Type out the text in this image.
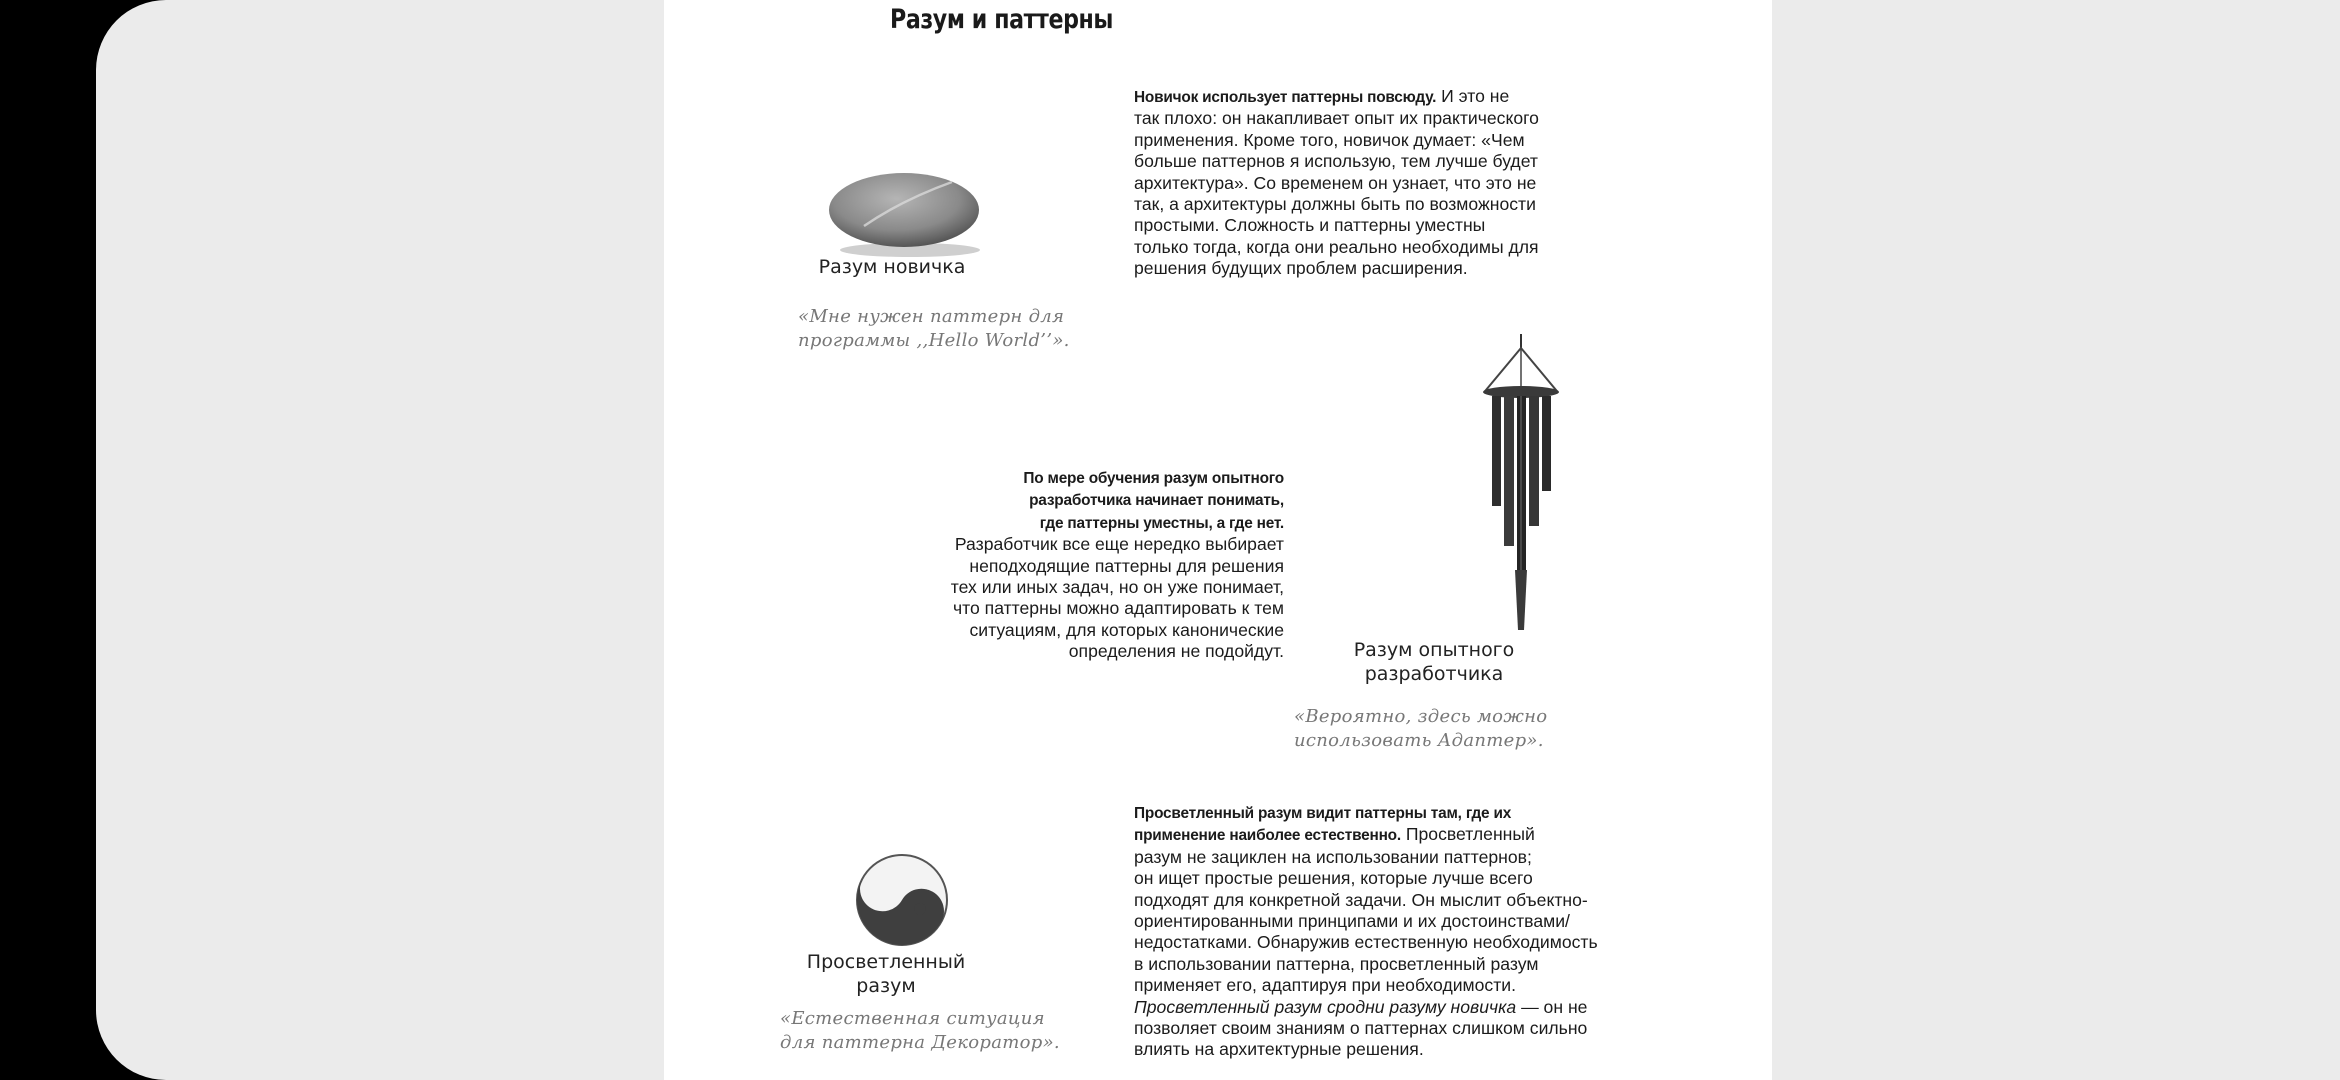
Разум и паттерны
Новичок использует паттерны повсюду. И это не
так плохо: он накапливает опыт их практического
применения. Кроме того, новичок думает: «Чем
больше паттернов я использую, тем лучше будет
архитектура». Со временем он узнает, что это не
так, а архитектуры должны быть по возможности
простыми. Сложность и паттерны уместны
только тогда, когда они реально необходимы для
решения будущих проблем расширения.
Разум новичка
«Мне нужен паттерн для
программы ,,Hello World’’».
По мере обучения разум опытного
разработчика начинает понимать,
где паттерны уместны, а где нет.
Разработчик все еще нередко выбирает
неподходящие паттерны для решения
тех или иных задач, но он уже понимает,
что паттерны можно адаптировать к тем
ситуациям, для которых канонические
определения не подойдут.	Разум опытного
разработчика
«Вероятно, здесь можно
использовать Адаптер».
Просветленный разум видит паттерны там, где их
применение наиболее естественно. Просветленный
разум не зациклен на использовании паттернов;
он ищет простые решения, которые лучше всего
подходят для конкретной задачи. Он мыслит объектно-
ориентированными принципами и их достоинствами/
недостатками. Обнаружив естественную необходимость
в использовании паттерна, просветленный разум
применяет его, адаптируя при необходимости.
Просветленный разум сродни разуму новичка — он не
позволяет своим знаниям о паттернах слишком сильно
влиять на архитектурные решения.
Просветленный
разум
«Естественная ситуация
для паттерна Декоратор».
